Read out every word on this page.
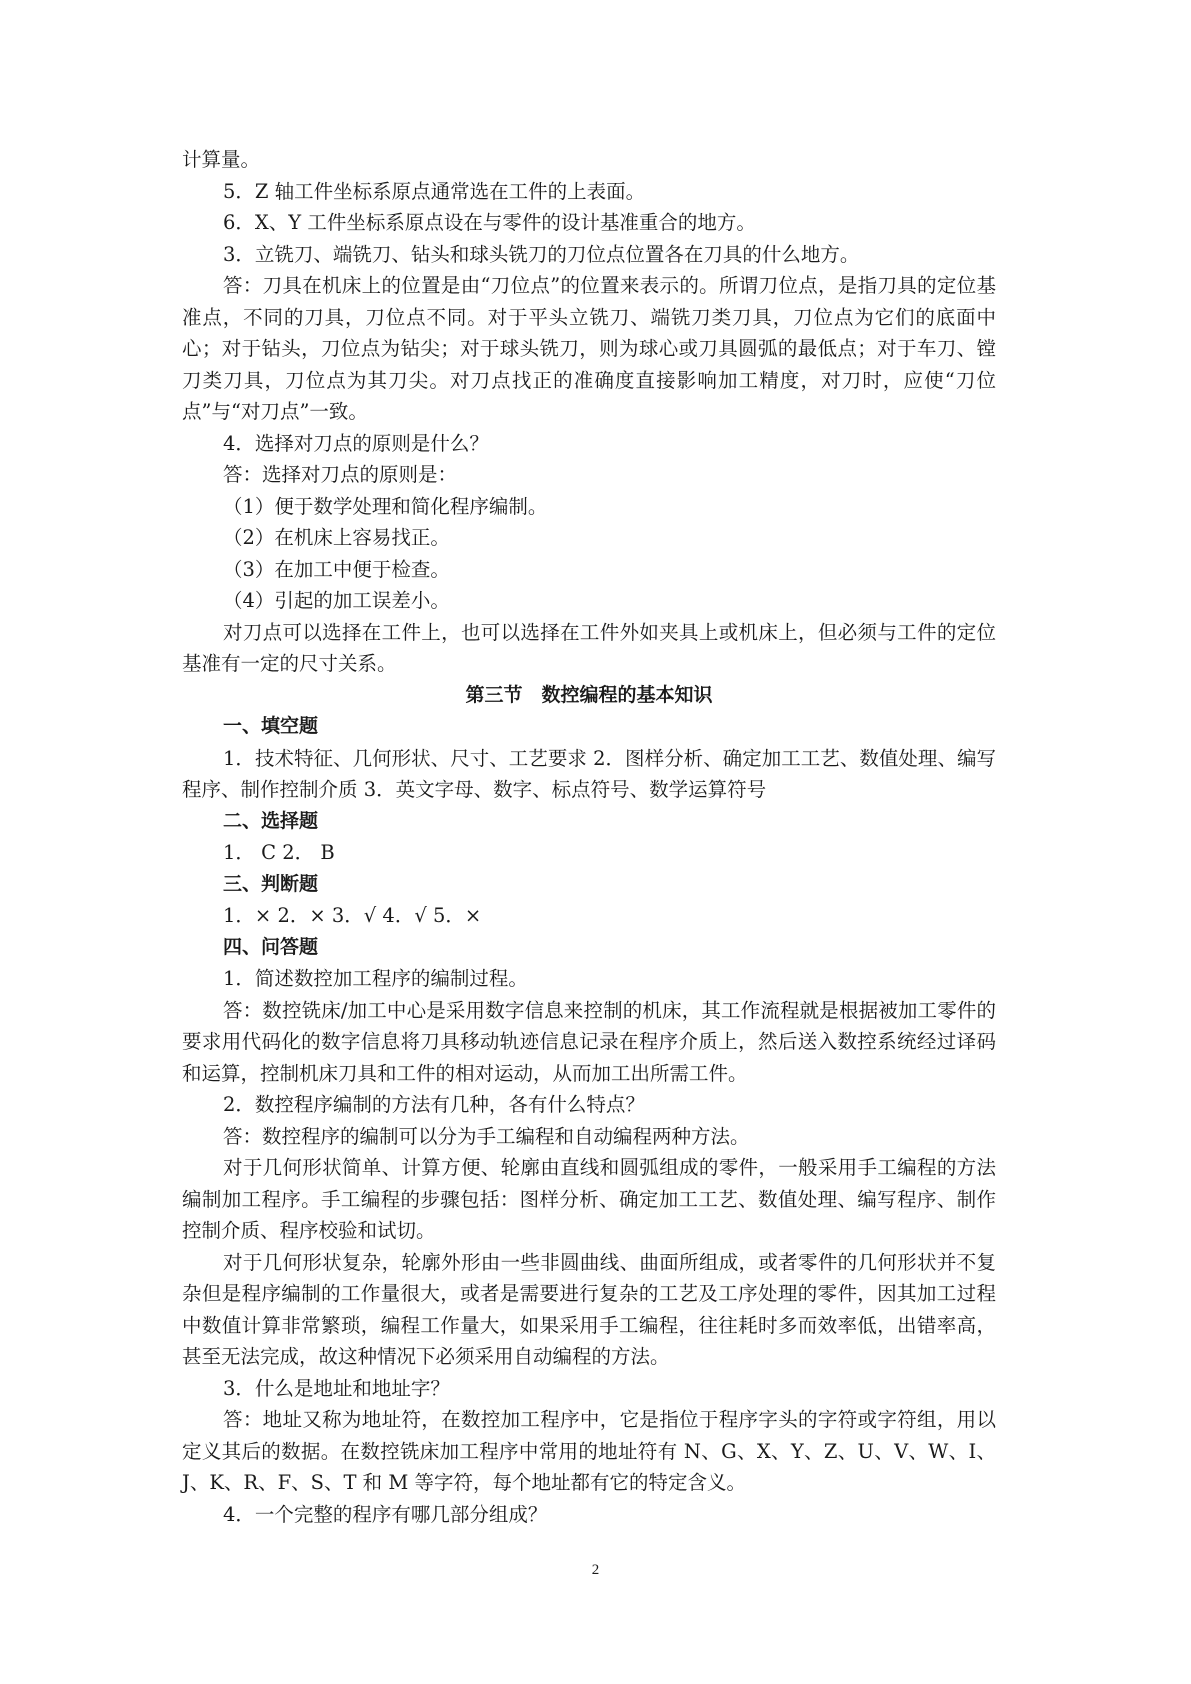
计算量。

5．Z 轴工件坐标系原点通常选在工件的上表面。

6．X、Y 工件坐标系原点设在与零件的设计基准重合的地方。

3．立铣刀、端铣刀、钻头和球头铣刀的刀位点位置各在刀具的什么地方。

答：刀具在机床上的位置是由“刀位点”的位置来表示的。所谓刀位点，是指刀具的定位基准点，不同的刀具，刀位点不同。对于平头立铣刀、端铣刀类刀具，刀位点为它们的底面中心；对于钻头，刀位点为钻尖；对于球头铣刀，则为球心或刀具圆弧的最低点；对于车刀、镗刀类刀具，刀位点为其刀尖。对刀点找正的准确度直接影响加工精度，对刀时，应使“刀位点”与“对刀点”一致。

4．选择对刀点的原则是什么？

答：选择对刀点的原则是：

（1）便于数学处理和简化程序编制。

（2）在机床上容易找正。

（3）在加工中便于检查。

（4）引起的加工误差小。

对刀点可以选择在工件上，也可以选择在工件外如夹具上或机床上，但必须与工件的定位基准有一定的尺寸关系。

第三节　数控编程的基本知识

一、填空题

1．技术特征、几何形状、尺寸、工艺要求 2．图样分析、确定加工工艺、数值处理、编写程序、制作控制介质 3．英文字母、数字、标点符号、数学运算符号

二、选择题

1． C 2． B

三、判断题

1．× 2．× 3．√ 4．√ 5．×

四、问答题

1．简述数控加工程序的编制过程。

答：数控铣床/加工中心是采用数字信息来控制的机床，其工作流程就是根据被加工零件的要求用代码化的数字信息将刀具移动轨迹信息记录在程序介质上，然后送入数控系统经过译码和运算，控制机床刀具和工件的相对运动，从而加工出所需工件。

2．数控程序编制的方法有几种，各有什么特点？

答：数控程序的编制可以分为手工编程和自动编程两种方法。

对于几何形状简单、计算方便、轮廓由直线和圆弧组成的零件，一般采用手工编程的方法编制加工程序。手工编程的步骤包括：图样分析、确定加工工艺、数值处理、编写程序、制作控制介质、程序校验和试切。

对于几何形状复杂，轮廓外形由一些非圆曲线、曲面所组成，或者零件的几何形状并不复杂但是程序编制的工作量很大，或者是需要进行复杂的工艺及工序处理的零件，因其加工过程中数值计算非常繁琐，编程工作量大，如果采用手工编程，往往耗时多而效率低，出错率高，甚至无法完成，故这种情况下必须采用自动编程的方法。

3．什么是地址和地址字？

答：地址又称为地址符，在数控加工程序中，它是指位于程序字头的字符或字符组，用以定义其后的数据。在数控铣床加工程序中常用的地址符有 N、G、X、Y、Z、U、V、W、I、J、K、R、F、S、T 和 M 等字符，每个地址都有它的特定含义。

4．一个完整的程序有哪几部分组成？

2
